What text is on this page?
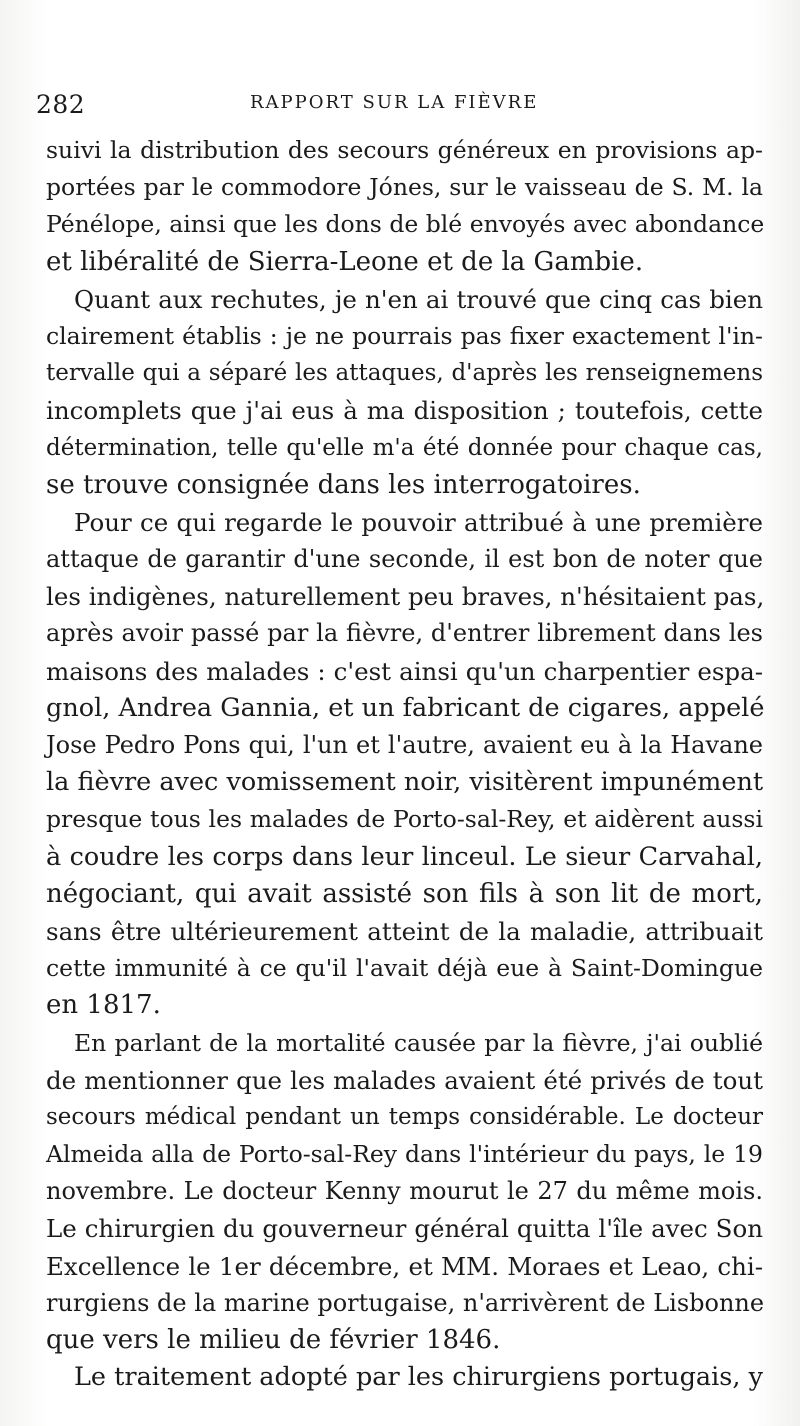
282	RAPPORT SUR LA FIÈVRE
suivi la distribution des secours généreux en provisions ap-
portées par le commodore Jónes, sur le vaisseau de S. M. la
Pénélope, ainsi que les dons de blé envoyés avec abondance
et libéralité de Sierra-Leone et de la Gambie.
Quant aux rechutes, je n'en ai trouvé que cinq cas bien
clairement établis : je ne pourrais pas fixer exactement l'in-
tervalle qui a séparé les attaques, d'après les renseignemens
incomplets que j'ai eus à ma disposition ; toutefois, cette
détermination, telle qu'elle m'a été donnée pour chaque cas,
se trouve consignée dans les interrogatoires.
Pour ce qui regarde le pouvoir attribué à une première
attaque de garantir d'une seconde, il est bon de noter que
les indigènes, naturellement peu braves, n'hésitaient pas,
après avoir passé par la fièvre, d'entrer librement dans les
maisons des malades : c'est ainsi qu'un charpentier espa-
gnol, Andrea Gannia, et un fabricant de cigares, appelé
Jose Pedro Pons qui, l'un et l'autre, avaient eu à la Havane
la fièvre avec vomissement noir, visitèrent impunément
presque tous les malades de Porto-sal-Rey, et aidèrent aussi
à coudre les corps dans leur linceul. Le sieur Carvahal,
négociant, qui avait assisté son fils à son lit de mort,
sans être ultérieurement atteint de la maladie, attribuait
cette immunité à ce qu'il l'avait déjà eue à Saint-Domingue
en 1817.
En parlant de la mortalité causée par la fièvre, j'ai oublié
de mentionner que les malades avaient été privés de tout
secours médical pendant un temps considérable. Le docteur
Almeida alla de Porto-sal-Rey dans l'intérieur du pays, le 19
novembre. Le docteur Kenny mourut le 27 du même mois.
Le chirurgien du gouverneur général quitta l'île avec Son
Excellence le 1er décembre, et MM. Moraes et Leao, chi-
rurgiens de la marine portugaise, n'arrivèrent de Lisbonne
que vers le milieu de février 1846.
Le traitement adopté par les chirurgiens portugais, y
